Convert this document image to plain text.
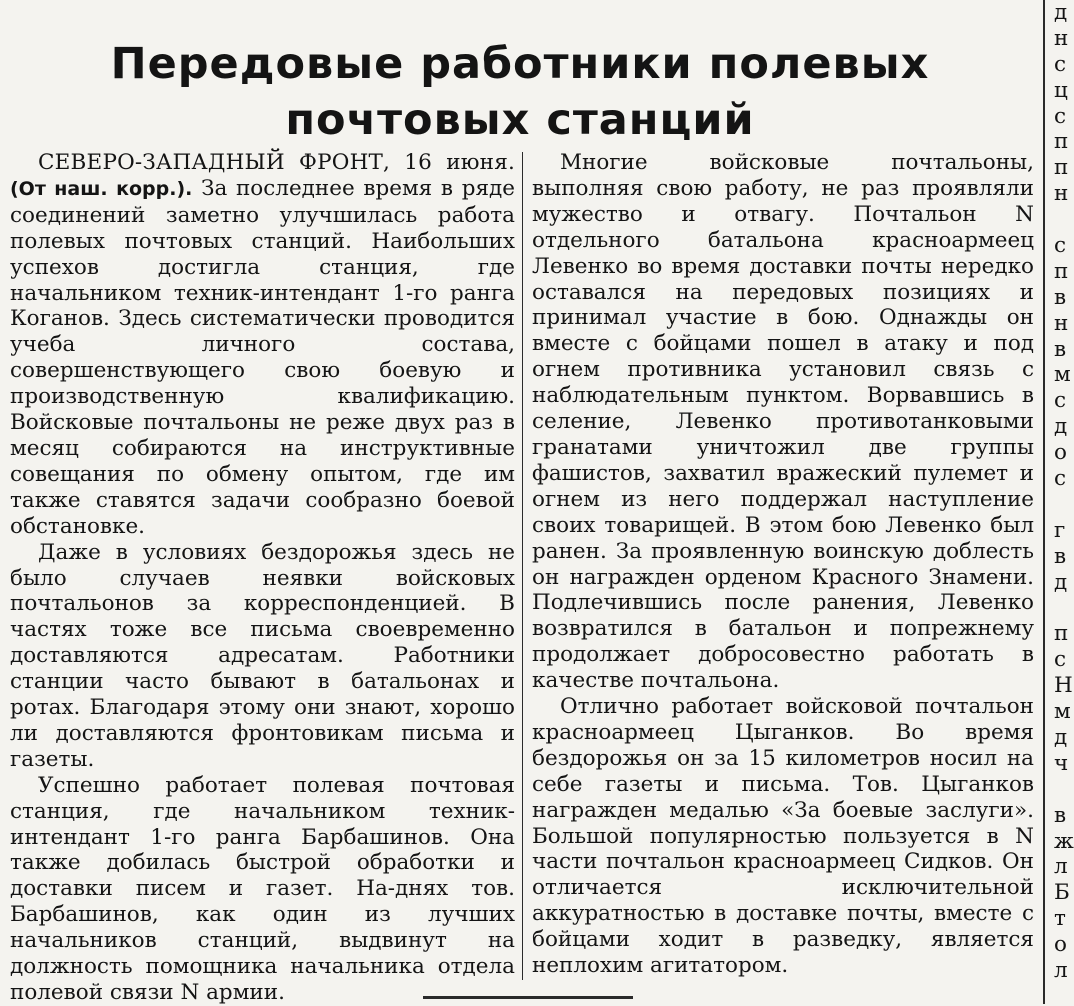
Передовые работники полевых
почтовых станций

СЕВЕРО-ЗАПАДНЫЙ ФРОНТ, 16 июня. (От наш. корр.). За последнее время в ряде соединений заметно улучшилась работа полевых почтовых станций. Наибольших успехов достигла станция, где начальником техник-интендант 1-го ранга Коганов. Здесь систематически проводится учеба личного состава, совершенствующего свою боевую и производственную квалификацию. Войсковые почтальоны не реже двух раз в месяц собираются на инструктивные совещания по обмену опытом, где им также ставятся задачи сообразно боевой обстановке.

Даже в условиях бездорожья здесь не было случаев неявки войсковых почтальонов за корреспонденцией. В частях тоже все письма своевременно доставляются адресатам. Работники станции часто бывают в батальонах и ротах. Благодаря этому они знают, хорошо ли доставляются фронтовикам письма и газеты.

Успешно работает полевая почтовая станция, где начальником техник-интендант 1-го ранга Барбашинов. Она также добилась быстрой обработки и доставки писем и газет. На-днях тов. Барбашинов, как один из лучших начальников станций, выдвинут на должность помощника начальника отдела полевой связи N армии.

Многие войсковые почтальоны, выполняя свою работу, не раз проявляли мужество и отвагу. Почтальон N отдельного батальона красноармеец Левенко во время доставки почты нередко оставался на передовых позициях и принимал участие в бою. Однажды он вместе с бойцами пошел в атаку и под огнем противника установил связь с наблюдательным пунктом. Ворвавшись в селение, Левенко противотанковыми гранатами уничтожил две группы фашистов, захватил вражеский пулемет и огнем из него поддержал наступление своих товарищей. В этом бою Левенко был ранен. За проявленную воинскую доблесть он награжден орденом Красного Знамени. Подлечившись после ранения, Левенко возвратился в батальон и попрежнему продолжает добросовестно работать в качестве почтальона.

Отлично работает войсковой почтальон красноармеец Цыганков. Во время бездорожья он за 15 километров носил на себе газеты и письма. Тов. Цыганков награжден медалью «За боевые заслуги». Большой популярностью пользуется в N части почтальон красноармеец Сидков. Он отличается исключительной аккуратностью в доставке почты, вместе с бойцами ходит в разведку, является неплохим агитатором.

д
н
с
ц
с
п
п
н
с
п
в
н
в
м
с
д
о
с
г
в
д
п
с
Н
м
д
ч
в
ж
л
Б
т
о
л
